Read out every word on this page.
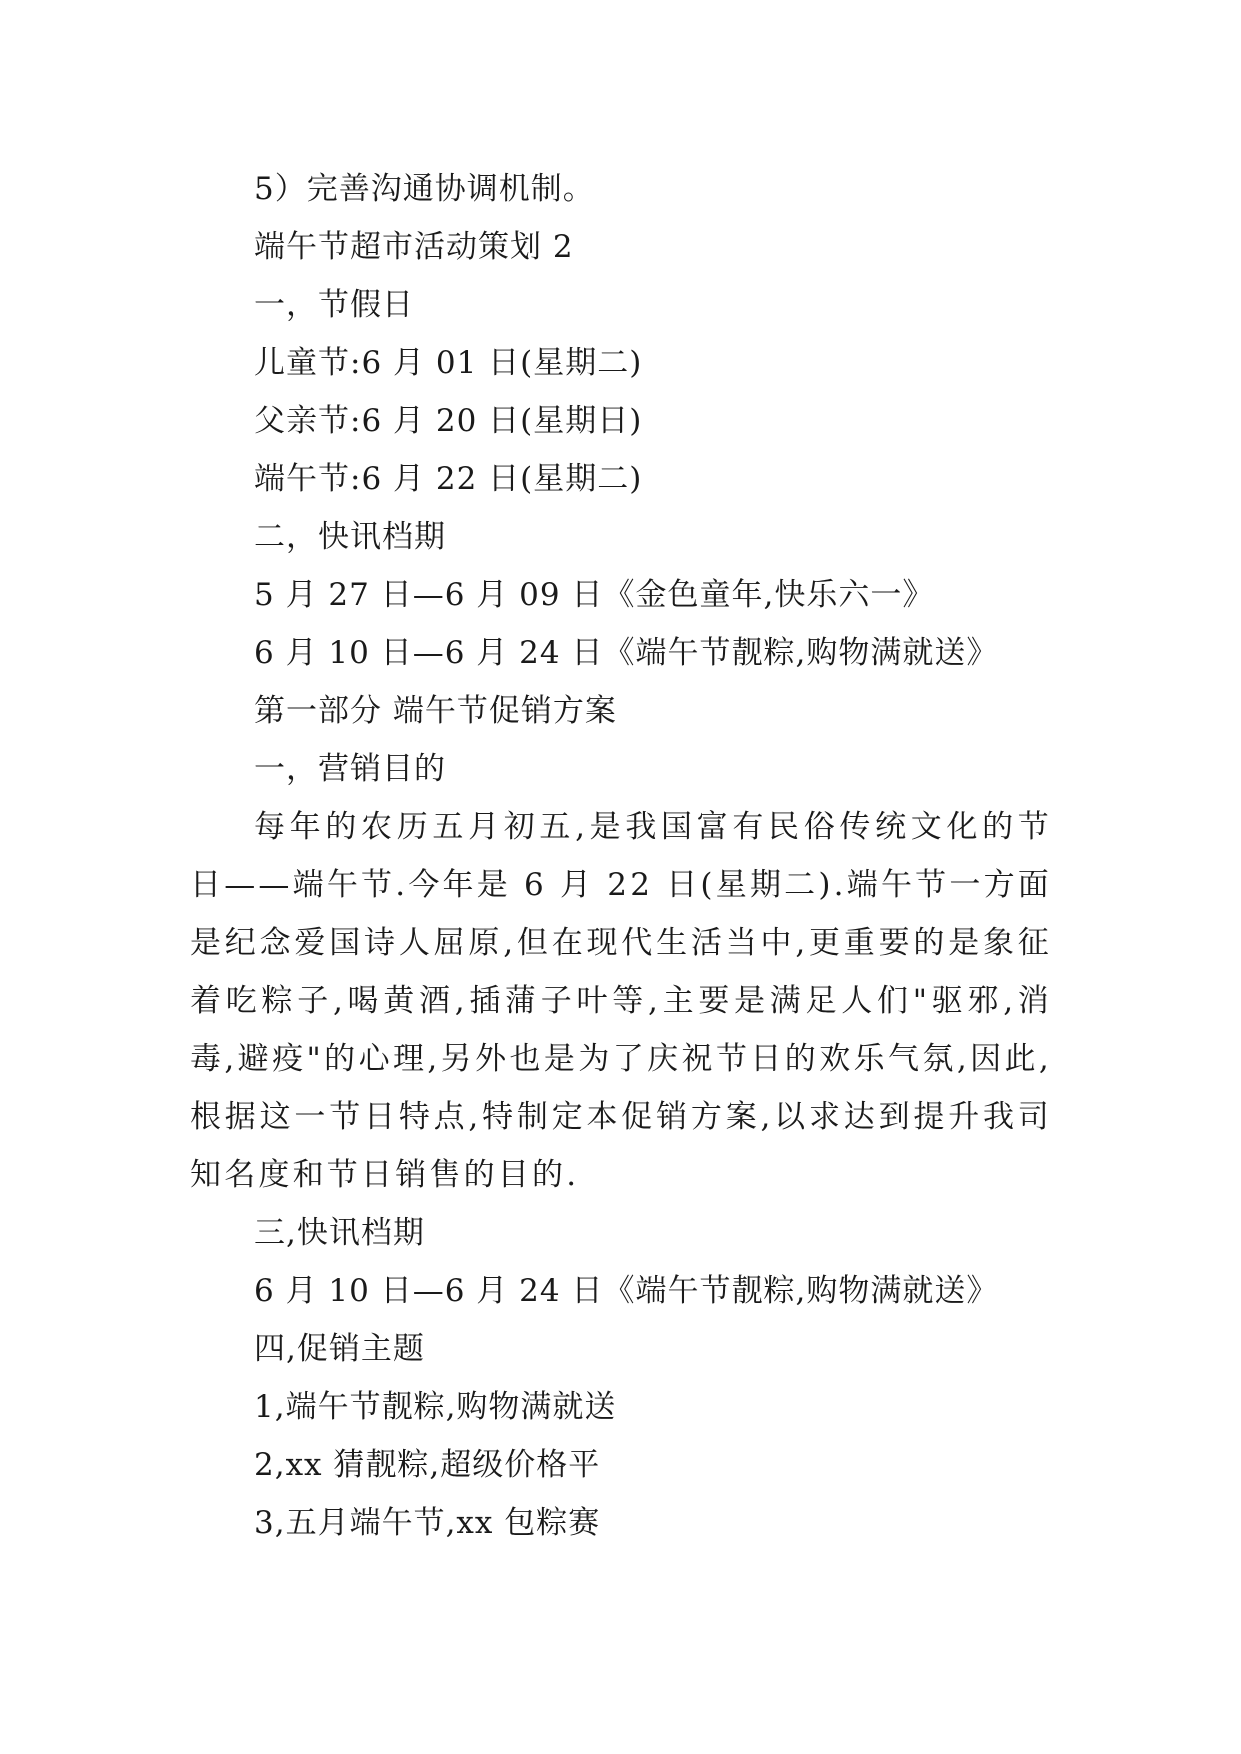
5）完善沟通协调机制。
端午节超市活动策划 2
一，节假日
儿童节:6 月 01 日(星期二)
父亲节:6 月 20 日(星期日)
端午节:6 月 22 日(星期二)
二，快讯档期
5 月 27 日—6 月 09 日《金色童年,快乐六一》
6 月 10 日—6 月 24 日《端午节靓粽,购物满就送》
第一部分 端午节促销方案
一，营销目的

每年的农历五月初五,是我国富有民俗传统文化的节日——端午节.今年是 6 月 22 日(星期二).端午节一方面是纪念爱国诗人屈原,但在现代生活当中,更重要的是象征着吃粽子,喝黄酒,插蒲子叶等,主要是满足人们"驱邪,消毒,避疫"的心理,另外也是为了庆祝节日的欢乐气氛,因此,根据这一节日特点,特制定本促销方案,以求达到提升我司知名度和节日销售的目的.

三,快讯档期
6 月 10 日—6 月 24 日《端午节靓粽,购物满就送》
四,促销主题
1,端午节靓粽,购物满就送
2,xx 猜靓粽,超级价格平
3,五月端午节,xx 包粽赛
